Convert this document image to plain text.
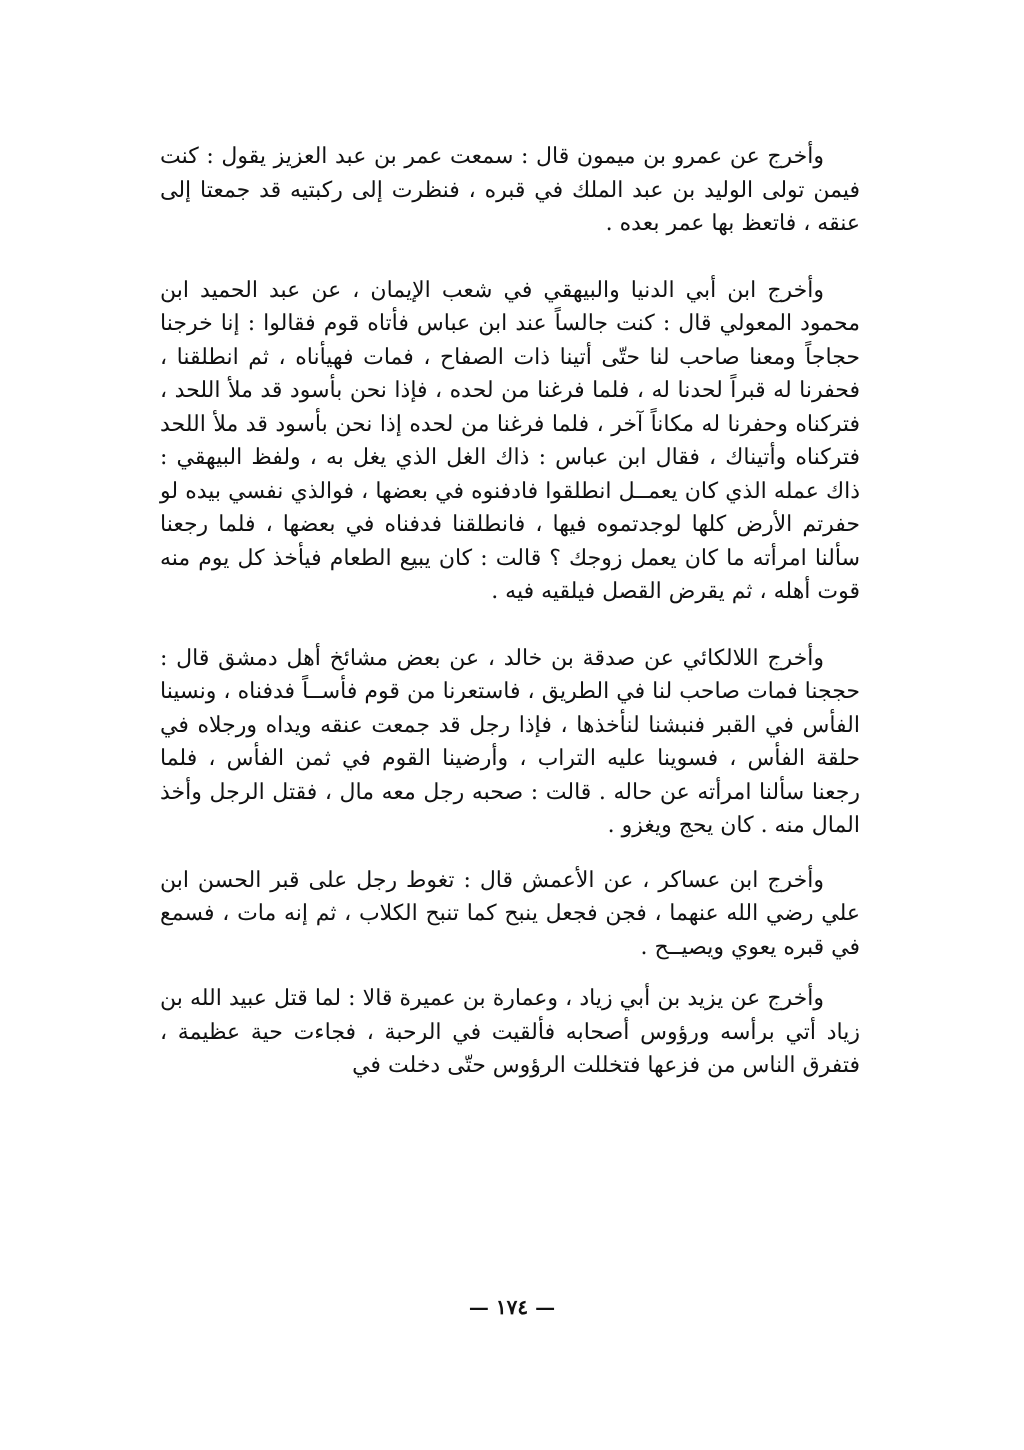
وأخرج عن عمرو بن ميمون قال : سمعت عمر بن عبد العزيز يقول : كنت فيمن تولى الوليد بن عبد الملك في قبره ، فنظرت إلى ركبتيه قد جمعتا إلى عنقه ، فاتعظ بها عمر بعده .

وأخرج ابن أبي الدنيا والبيهقي في شعب الإيمان ، عن عبد الحميد ابن محمود المعولي قال : كنت جالساً عند ابن عباس فأتاه قوم فقالوا : إنا خرجنا حجاجاً ومعنا صاحب لنا حتّى أتينا ذات الصفاح ، فمات فهيأناه ، ثم انطلقنا ، فحفرنا له قبراً لحدنا له ، فلما فرغنا من لحده ، فإذا نحن بأسود قد ملأ اللحد ، فتركناه وحفرنا له مكاناً آخر ، فلما فرغنا من لحده إذا نحن بأسود قد ملأ اللحد فتركناه وأتيناك ، فقال ابن عباس : ذاك الغل الذي يغل به ، ولفظ البيهقي : ذاك عمله الذي كان يعمــل انطلقوا فادفنوه في بعضها ، فوالذي نفسي بيده لو حفرتم الأرض كلها لوجدتموه فيها ، فانطلقنا فدفناه في بعضها ، فلما رجعنا سألنا امرأته ما كان يعمل زوجك ؟ قالت : كان يبيع الطعام فيأخذ كل يوم منه قوت أهله ، ثم يقرض القصل فيلقيه فيه .

وأخرج اللالكائي عن صدقة بن خالد ، عن بعض مشائخ أهل دمشق قال : حججنا فمات صاحب لنا في الطريق ، فاستعرنا من قوم فأســاً فدفناه ، ونسينا الفأس في القبر فنبشنا لنأخذها ، فإذا رجل قد جمعت عنقه ويداه ورجلاه في حلقة الفأس ، فسوينا عليه التراب ، وأرضينا القوم في ثمن الفأس ، فلما رجعنا سألنا امرأته عن حاله . قالت : صحبه رجل معه مال ، فقتل الرجل وأخذ المال منه . كان يحج ويغزو .

وأخرج ابن عساكر ، عن الأعمش قال : تغوط رجل على قبر الحسن ابن علي رضي الله عنهما ، فجن فجعل ينبح كما تنبح الكلاب ، ثم إنه مات ، فسمع في قبره يعوي ويصيــح .

وأخرج عن يزيد بن أبي زياد ، وعمارة بن عميرة قالا : لما قتل عبيد الله بن زياد أتي برأسه ورؤوس أصحابه فألقيت في الرحبة ، فجاءت حية عظيمة ، فتفرق الناس من فزعها فتخللت الرؤوس حتّى دخلت في

— ١٧٤ —
